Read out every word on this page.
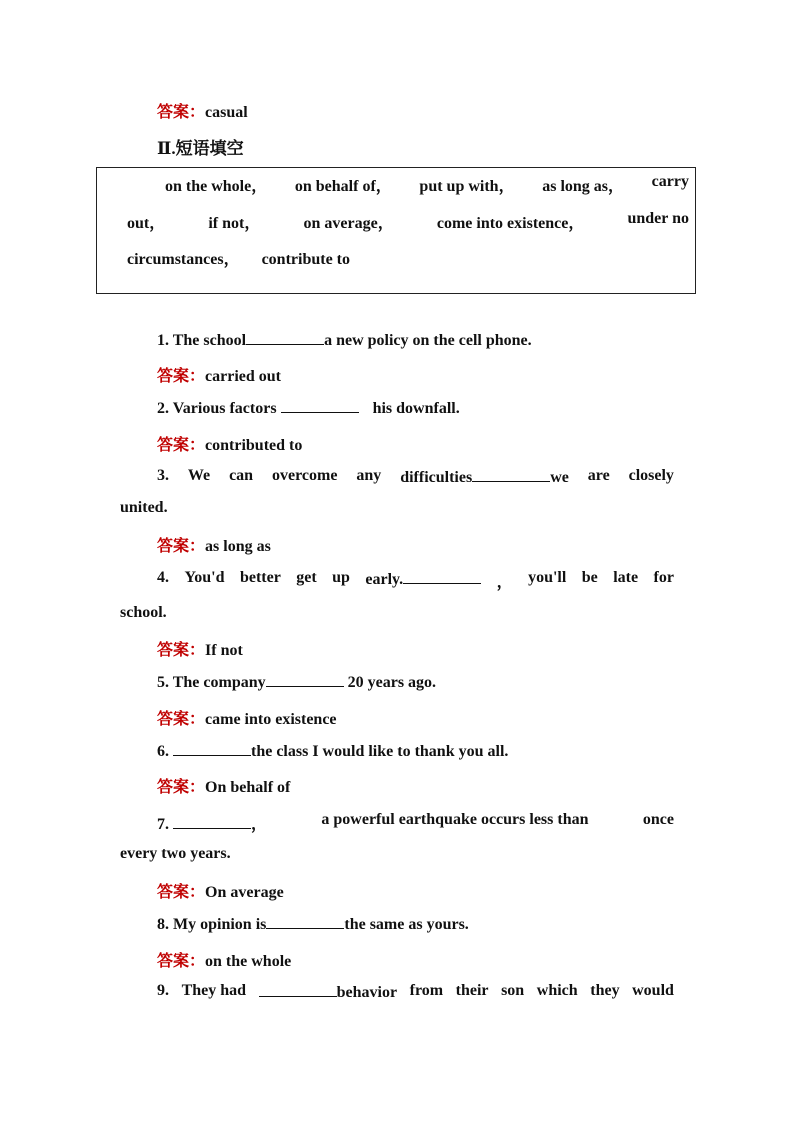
答案：casual
Ⅱ.短语填空
on the whole， on behalf of， put up with， as long as， carry
out，	if not，	on average，	come into existence，	under no
circumstances， contribute to
1. The school	a new policy on the cell phone.
答案：carried out
2. Various factors	his downfall.
答案：contributed to
3. We can overcome any difficulties	we are closely
united.
答案：as long as
4. You'd better get up early.	， you'll be late for
school.
答案：If not
5. The company	20 years ago.
答案：came into existence
6.	the class I would like to thank you all.
答案：On behalf of
7.	，	a powerful earthquake occurs less than	once
every two years.
答案：On average
8. My opinion is	the same as yours.
答案：on the whole
9. They had	behavior from their son which they would
